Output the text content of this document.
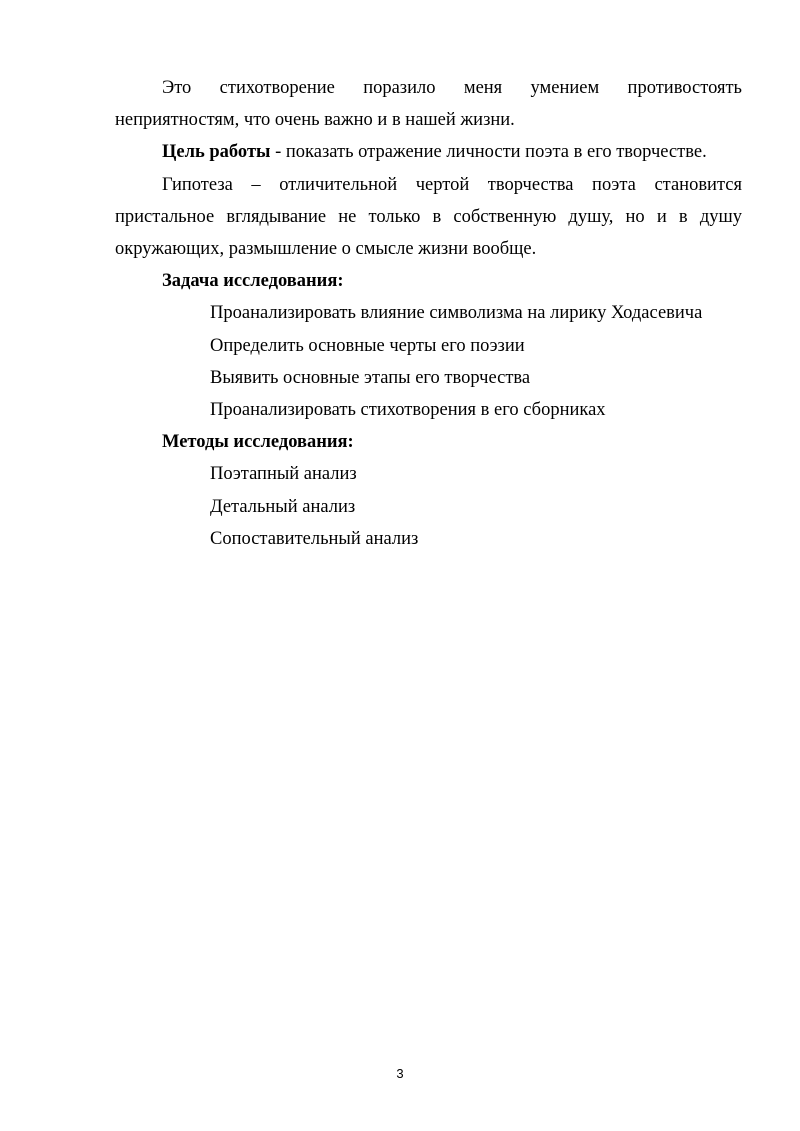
Это стихотворение поразило меня умением противостоять неприятностям, что очень важно и в нашей жизни.

Цель работы - показать отражение личности поэта в его творчестве.

Гипотеза – отличительной чертой творчества поэта становится пристальное вглядывание не только в собственную душу, но и в душу окружающих, размышление о смысле жизни вообще.

Задача исследования:

Проанализировать влияние символизма на лирику Ходасевича

Определить основные черты его поэзии

Выявить основные этапы его творчества

Проанализировать стихотворения в его сборниках

Методы исследования:

Поэтапный анализ

Детальный анализ

Сопоставительный анализ

3
